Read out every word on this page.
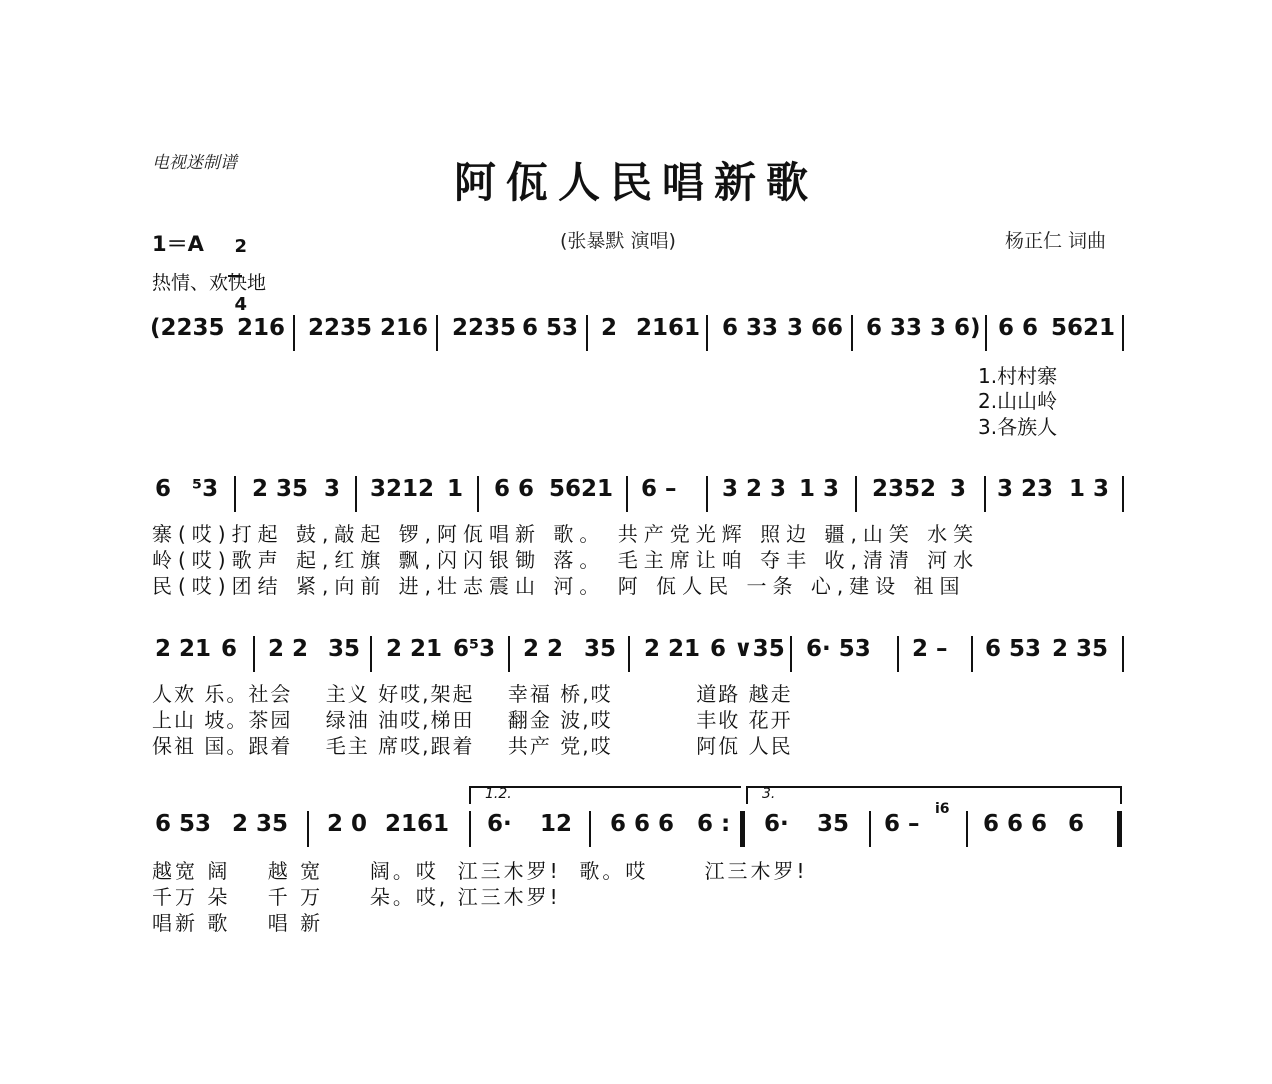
电视迷制谱	阿佤人民唱新歌
(张暴默 演唱)	杨正仁 词曲
1＝A	2

4

热情、欢快地
(2235 216 2235 216 2235 6 53 2 2161 6 33 3 66 6 33 3 6) 6 6 5621
1.村村寨
2.山山岭
3.各族人
6 ⁵3 2 35 3 3212 1 6 6 5621 6 – 3 2 3 1 3 2352 3 3 23 1 3
寨(哎)打起 鼓,敲起 锣,阿佤唱新 歌。 共产党光辉 照边 疆,山笑 水笑
岭(哎)歌声 起,红旗 飘,闪闪银锄 落。 毛主席让咱 夺丰 收,清清 河水
民(哎)团结 紧,向前 进,壮志震山 河。 阿 佤人民 一条 心,建设 祖国
2 21 6 2 2 35 2 21 6⁵3 2 2 35 2 21 6 ∨35 6· 53 2 – 6 53 2 35
人欢 乐。社会    主义 好哎,架起    幸福 桥,哎          道路 越走
上山 坡。茶园    绿油 油哎,梯田    翻金 波,哎          丰收 花开
保祖 国。跟着    毛主 席哎,跟着    共产 党,哎          阿佤 人民
1.2.	3.
6 53 2 35 2 0 2161 6· 12 6 6 6 6 : 6· 35 6 –
i6
6 6 6 6
越宽 阔    越 宽     阔。哎  江三木罗!  歌。哎      江三木罗!
千万 朵    千 万     朵。哎, 江三木罗!
唱新 歌    唱 新
